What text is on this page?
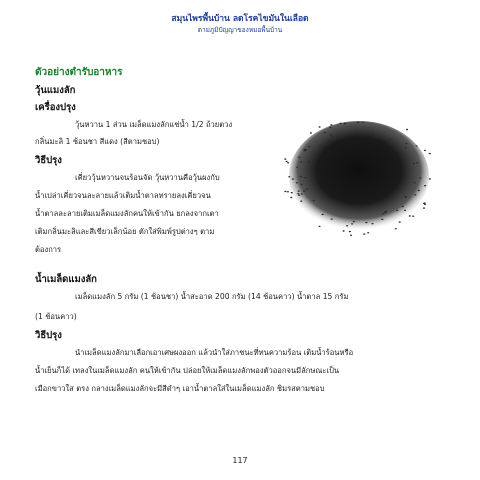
สมุนไพรพื้นบ้าน ลดโรคไขมันในเลือด
ตามภูมิปัญญาของหมอพื้นบ้าน
ตัวอย่างตำรับอาหาร
วุ้นแมงลัก
เครื่องปรุง
วุ้นหวาน 1 ส่วน เมล็ดแมงลักแช่น้ำ 1/2 ถ้วยตวง
กลิ่นมะลิ 1 ช้อนชา สีแดง (สีตามชอบ)
วิธีปรุง
เคี่ยววุ้นหวานจนร้อนจัด วุ้นหวานคือวุ้นผงกับ
น้ำเปล่าเคี่ยวจนละลายแล้วเติมน้ำตาลทรายลงเคี่ยวจน
น้ำตาลละลายเติมเมล็ดแมงลักคนให้เข้ากัน ยกลงจากเตา
เติมกลิ่นมะลิและสีเขียวเล็กน้อย ตักใส่พิมพ์รูปต่างๆ ตาม
ต้องการ
น้ำเมล็ดแมงลัก
เมล็ดแมงลัก 5 กรัม (1 ช้อนชา) น้ำสะอาด 200 กรัม (14 ช้อนคาว) น้ำตาล 15 กรัม
(1 ช้อนคาว)
วิธีปรุง
นำเมล็ดแมงลักมาเลือกเอาเศษผงออก แล้วนำใส่ภาชนะที่ทนความร้อน เติมน้ำร้อนหรือ
น้ำเย็นก็ได้ เทลงในเมล็ดแมงลัก คนให้เข้ากัน ปล่อยให้เมล็ดแมงลักพองตัวออกจนมีลักษณะเป็น
เมือกขาวใส ตรง กลางเมล็ดแมงลักจะมีสีดำๆ เอาน้ำตาลใส่ในเมล็ดแมงลัก ชิมรสตามชอบ
117
